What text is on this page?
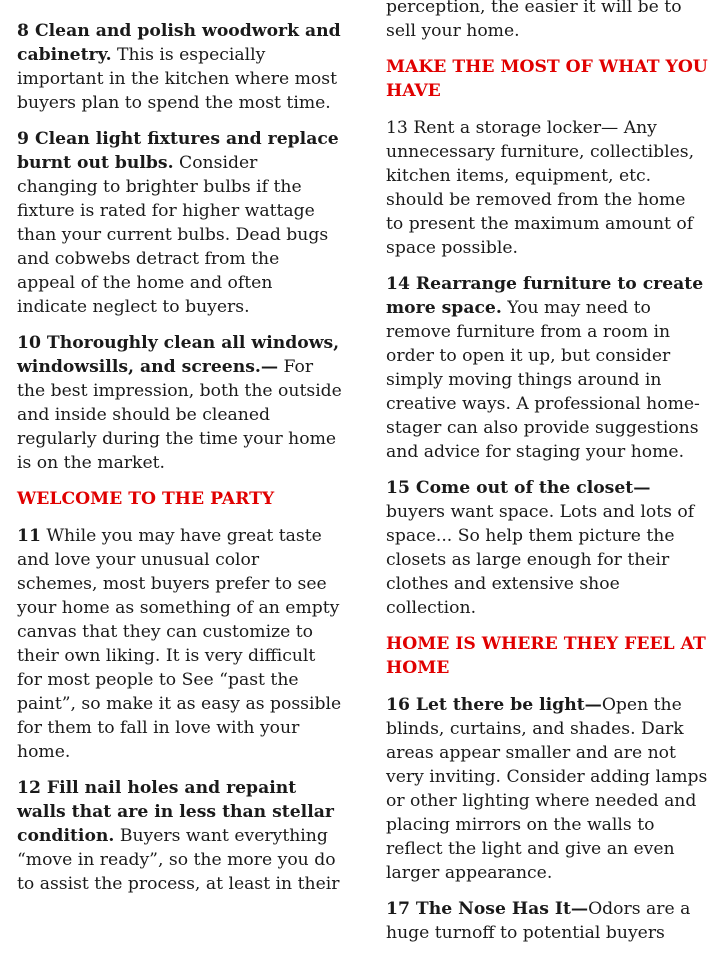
8 Clean and polish woodwork and cabinetry. This is especially important in the kitchen where most buyers plan to spend the most time.

9 Clean light fixtures and replace burnt out bulbs. Consider changing to brighter bulbs if the fixture is rated for higher wattage than your current bulbs. Dead bugs and cobwebs detract from the appeal of the home and often indicate neglect to buyers.

10 Thoroughly clean all windows, windowsills, and screens.— For the best impression, both the outside and inside should be cleaned regularly during the time your home is on the market.

WELCOME TO THE PARTY

11 While you may have great taste and love your unusual color schemes, most buyers prefer to see your home as something of an empty canvas that they can customize to their own liking. It is very difficult for most people to See “past the paint”, so make it as easy as possible for them to fall in love with your home.

12 Fill nail holes and repaint walls that are in less than stellar condition. Buyers want everything “move in ready”, so the more you do to assist the process, at least in their

perception, the easier it will be to sell your home.

MAKE THE MOST OF WHAT YOU HAVE

13 Rent a storage locker— Any unnecessary furniture, collectibles, kitchen items, equipment, etc. should be removed from the home to present the maximum amount of space possible.

14 Rearrange furniture to create more space. You may need to remove furniture from a room in order to open it up, but consider simply moving things around in creative ways. A professional home-stager can also provide suggestions and advice for staging your home.

15 Come out of the closet—buyers want space. Lots and lots of space... So help them picture the closets as large enough for their clothes and extensive shoe collection.

HOME IS WHERE THEY FEEL AT HOME

16 Let there be light—Open the blinds, curtains, and shades. Dark areas appear smaller and are not very inviting. Consider adding lamps or other lighting where needed and placing mirrors on the walls to reflect the light and give an even larger appearance.

17 The Nose Has It—Odors are a huge turnoff to potential buyers
